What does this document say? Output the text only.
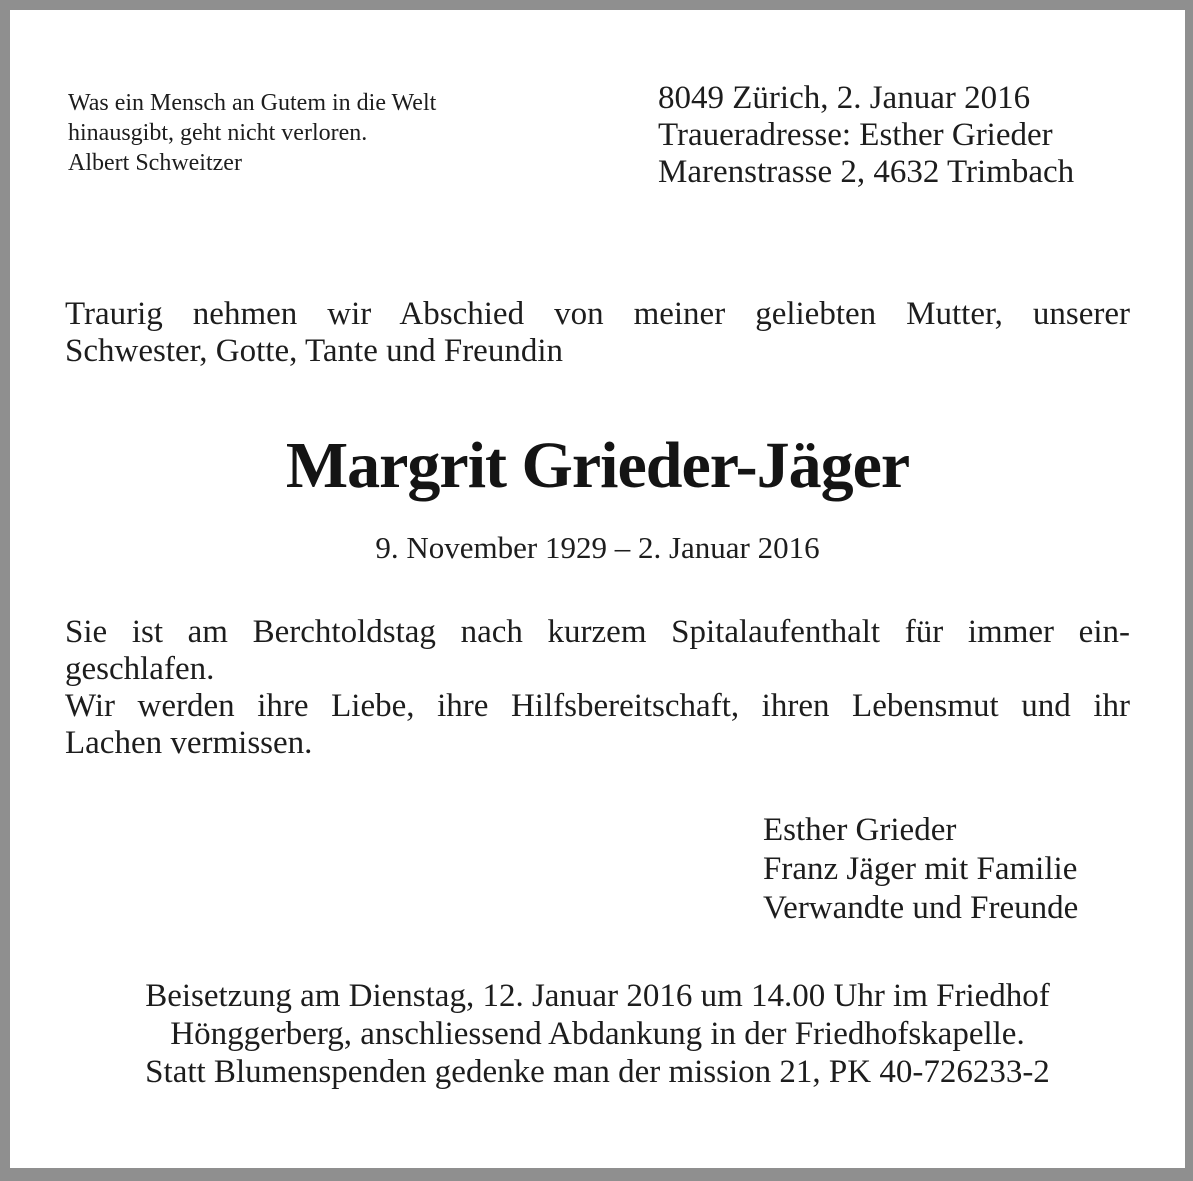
Was ein Mensch an Gutem in die Welt
hinausgibt, geht nicht verloren.
Albert Schweitzer
8049 Zürich, 2. Januar 2016
Traueradresse: Esther Grieder
Marenstrasse 2, 4632 Trimbach
Traurig nehmen wir Abschied von meiner geliebten Mutter, unserer
Schwester, Gotte, Tante und Freundin
Margrit Grieder-Jäger
9. November 1929 – 2. Januar 2016
Sie ist am Berchtoldstag nach kurzem Spitalaufenthalt für immer ein-
geschlafen.
Wir werden ihre Liebe, ihre Hilfsbereitschaft, ihren Lebensmut und ihr
Lachen vermissen.
Esther Grieder
Franz Jäger mit Familie
Verwandte und Freunde
Beisetzung am Dienstag, 12. Januar 2016 um 14.00 Uhr im Friedhof
Hönggerberg, anschliessend Abdankung in der Friedhofskapelle.
Statt Blumenspenden gedenke man der mission 21, PK 40-726233-2
